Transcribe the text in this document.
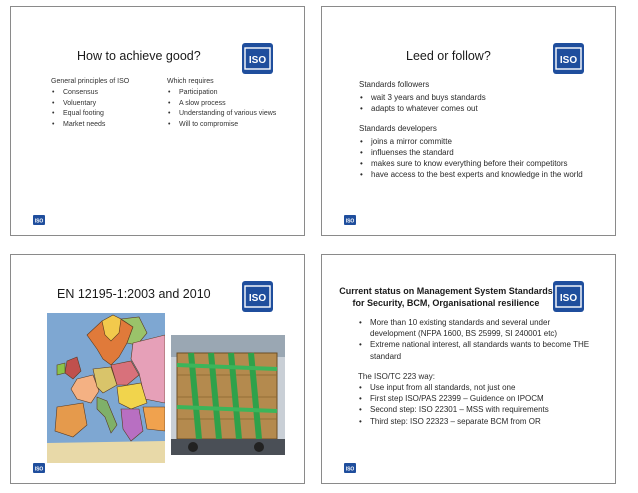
How to achieve good?	ISO
General principles of ISO
• Consensus
• Voluentary
• Equal footing
• Market needs
Which requires
• Participation
• A slow process
• Understanding of various views
• Will to compromise
ISO
Leed or follow?	ISO
Standards followers
• wait 3 years and buys standards
• adapts to whatever comes out
Standards developers
• joins a mirror committe
• influenses the standard
• makes sure to know everything before their competitors
• have access to the best experts and knowledge in the world
ISO
EN 12195-1:2003 and 2010	ISO
ISO
Current status on Management System Standards
for Security, BCM, Organisational resilience	ISO
• More than 10 existing standards and several under development (NFPA 1600, BS 25999, SI 240001 etc)
• Extreme national interest, all standards wants to become THE standard
The ISO/TC 223 way:
• Use input from all standards, not just one
• First step ISO/PAS 22399 – Guidence on IPOCM
• Second step: ISO 22301 – MSS with requirements
• Third step: ISO 22323 – separate BCM from OR
ISO
